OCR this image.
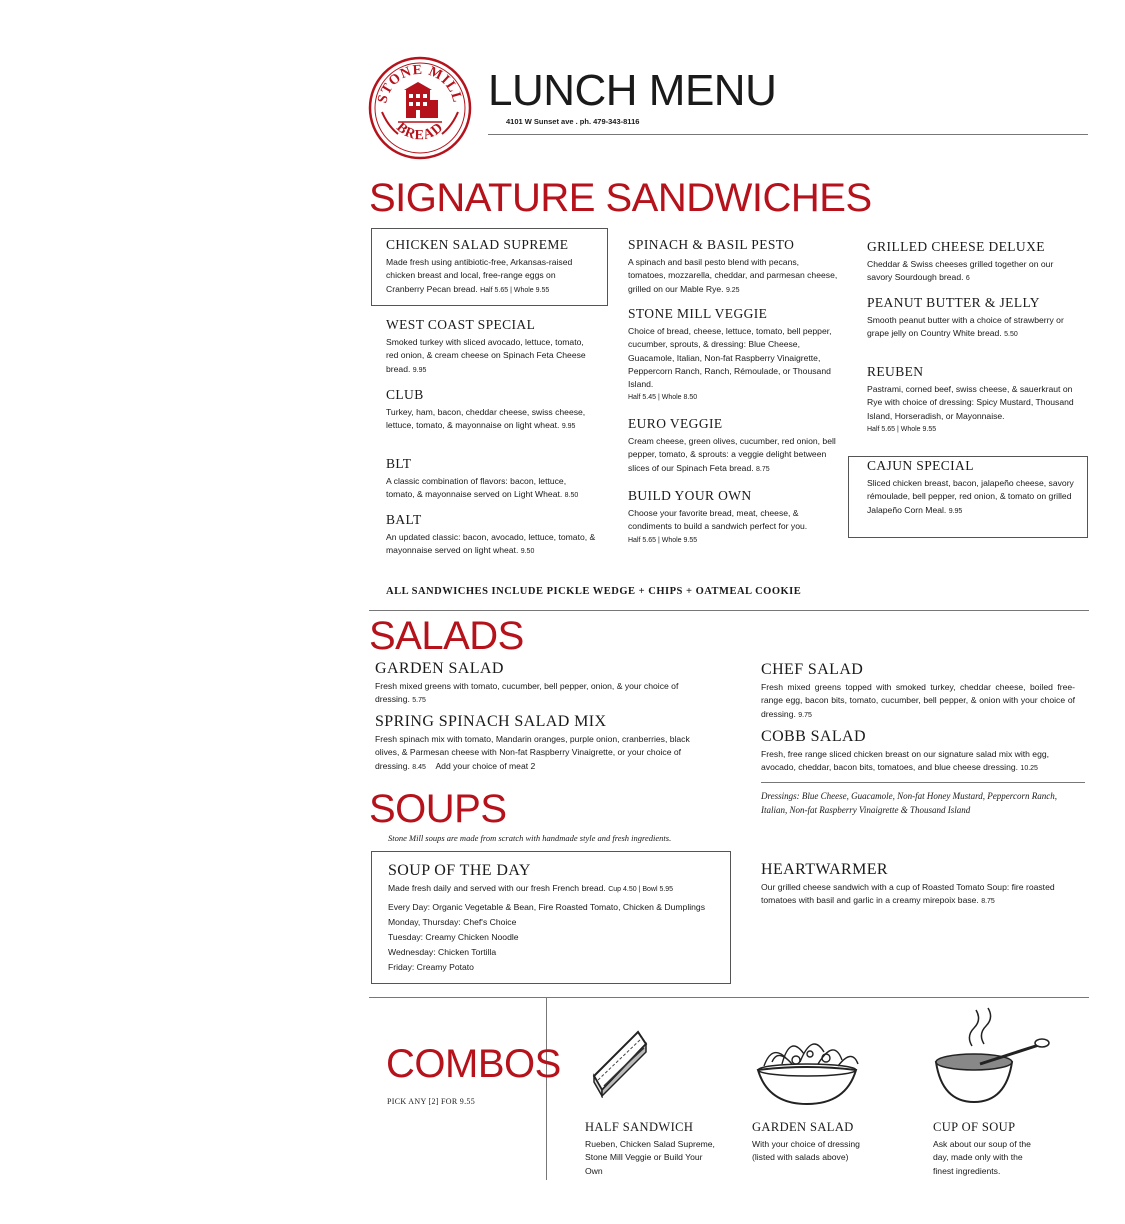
STONE MILL
BREAD
LUNCH MENU
4101 W Sunset ave . ph. 479-343-8116
SIGNATURE SANDWICHES
CHICKEN SALAD SUPREME

Made fresh using antibiotic-free, Arkansas-raised chicken breast and local, free-range eggs on Cranberry Pecan bread. Half 5.65 | Whole 9.55

WEST COAST SPECIAL

Smoked turkey with sliced avocado, lettuce, tomato, red onion, & cream cheese on Spinach Feta Cheese bread. 9.95

CLUB

Turkey, ham, bacon, cheddar cheese, swiss cheese, lettuce, tomato, & mayonnaise on light wheat. 9.95

BLT

A classic combination of flavors: bacon, lettuce, tomato, & mayonnaise served on Light Wheat. 8.50

BALT

An updated classic: bacon, avocado, lettuce, tomato, & mayonnaise served on light wheat. 9.50

SPINACH & BASIL PESTO

A spinach and basil pesto blend with pecans, tomatoes, mozzarella, cheddar, and parmesan cheese, grilled on our Mable Rye. 9.25

STONE MILL VEGGIE

Choice of bread, cheese, lettuce, tomato, bell pepper, cucumber, sprouts, & dressing: Blue Cheese, Guacamole, Italian, Non-fat Raspberry Vinaigrette, Peppercorn Ranch, Ranch, Rémoulade, or Thousand Island.

Half 5.45 | Whole 8.50

EURO VEGGIE

Cream cheese, green olives, cucumber, red onion, bell pepper, tomato, & sprouts: a veggie delight between slices of our Spinach Feta bread. 8.75

BUILD YOUR OWN

Choose your favorite bread, meat, cheese, & condiments to build a sandwich perfect for you.

Half 5.65 | Whole 9.55

GRILLED CHEESE DELUXE

Cheddar & Swiss cheeses grilled together on our savory Sourdough bread. 6

PEANUT BUTTER & JELLY

Smooth peanut butter with a choice of strawberry or grape jelly on Country White bread. 5.50

REUBEN

Pastrami, corned beef, swiss cheese, & sauerkraut on Rye with choice of dressing: Spicy Mustard, Thousand Island, Horseradish, or Mayonnaise.

Half 5.65 | Whole 9.55

CAJUN SPECIAL

Sliced chicken breast, bacon, jalapeño cheese, savory rémoulade, bell pepper, red onion, & tomato on grilled Jalapeño Corn Meal. 9.95

ALL SANDWICHES INCLUDE PICKLE WEDGE + CHIPS + OATMEAL COOKIE
SALADS
GARDEN SALAD

Fresh mixed greens with tomato, cucumber, bell pepper, onion, & your choice of dressing. 5.75

SPRING SPINACH SALAD MIX

Fresh spinach mix with tomato, Mandarin oranges, purple onion, cranberries, black olives, & Parmesan cheese with Non-fat Raspberry Vinaigrette, or your choice of dressing. 8.45 Add your choice of meat 2

CHEF SALAD

Fresh mixed greens topped with smoked turkey, cheddar cheese, boiled free-range egg, bacon bits, tomato, cucumber, bell pepper, & onion with your choice of dressing. 9.75

COBB SALAD

Fresh, free range sliced chicken breast on our signature salad mix with egg, avocado, cheddar, bacon bits, tomatoes, and blue cheese dressing. 10.25

Dressings: Blue Cheese, Guacamole, Non-fat Honey Mustard, Peppercorn Ranch, Italian, Non-fat Raspberry Vinaigrette & Thousand Island
SOUPS
Stone Mill soups are made from scratch with handmade style and fresh ingredients.
SOUP OF THE DAY

Made fresh daily and served with our fresh French bread. Cup 4.50 | Bowl 5.95

Every Day: Organic Vegetable & Bean, Fire Roasted Tomato, Chicken & Dumplings

Monday, Thursday: Chef's Choice

Tuesday: Creamy Chicken Noodle

Wednesday: Chicken Tortilla

Friday: Creamy Potato

HEARTWARMER

Our grilled cheese sandwich with a cup of Roasted Tomato Soup: fire roasted tomatoes with basil and garlic in a creamy mirepoix base. 8.75

COMBOS
PICK ANY [2] FOR 9.55
HALF SANDWICH

Rueben, Chicken Salad Supreme, Stone Mill Veggie or Build Your Own

GARDEN SALAD

With your choice of dressing (listed with salads above)

CUP OF SOUP

Ask about our soup of the day, made only with the finest ingredients.
